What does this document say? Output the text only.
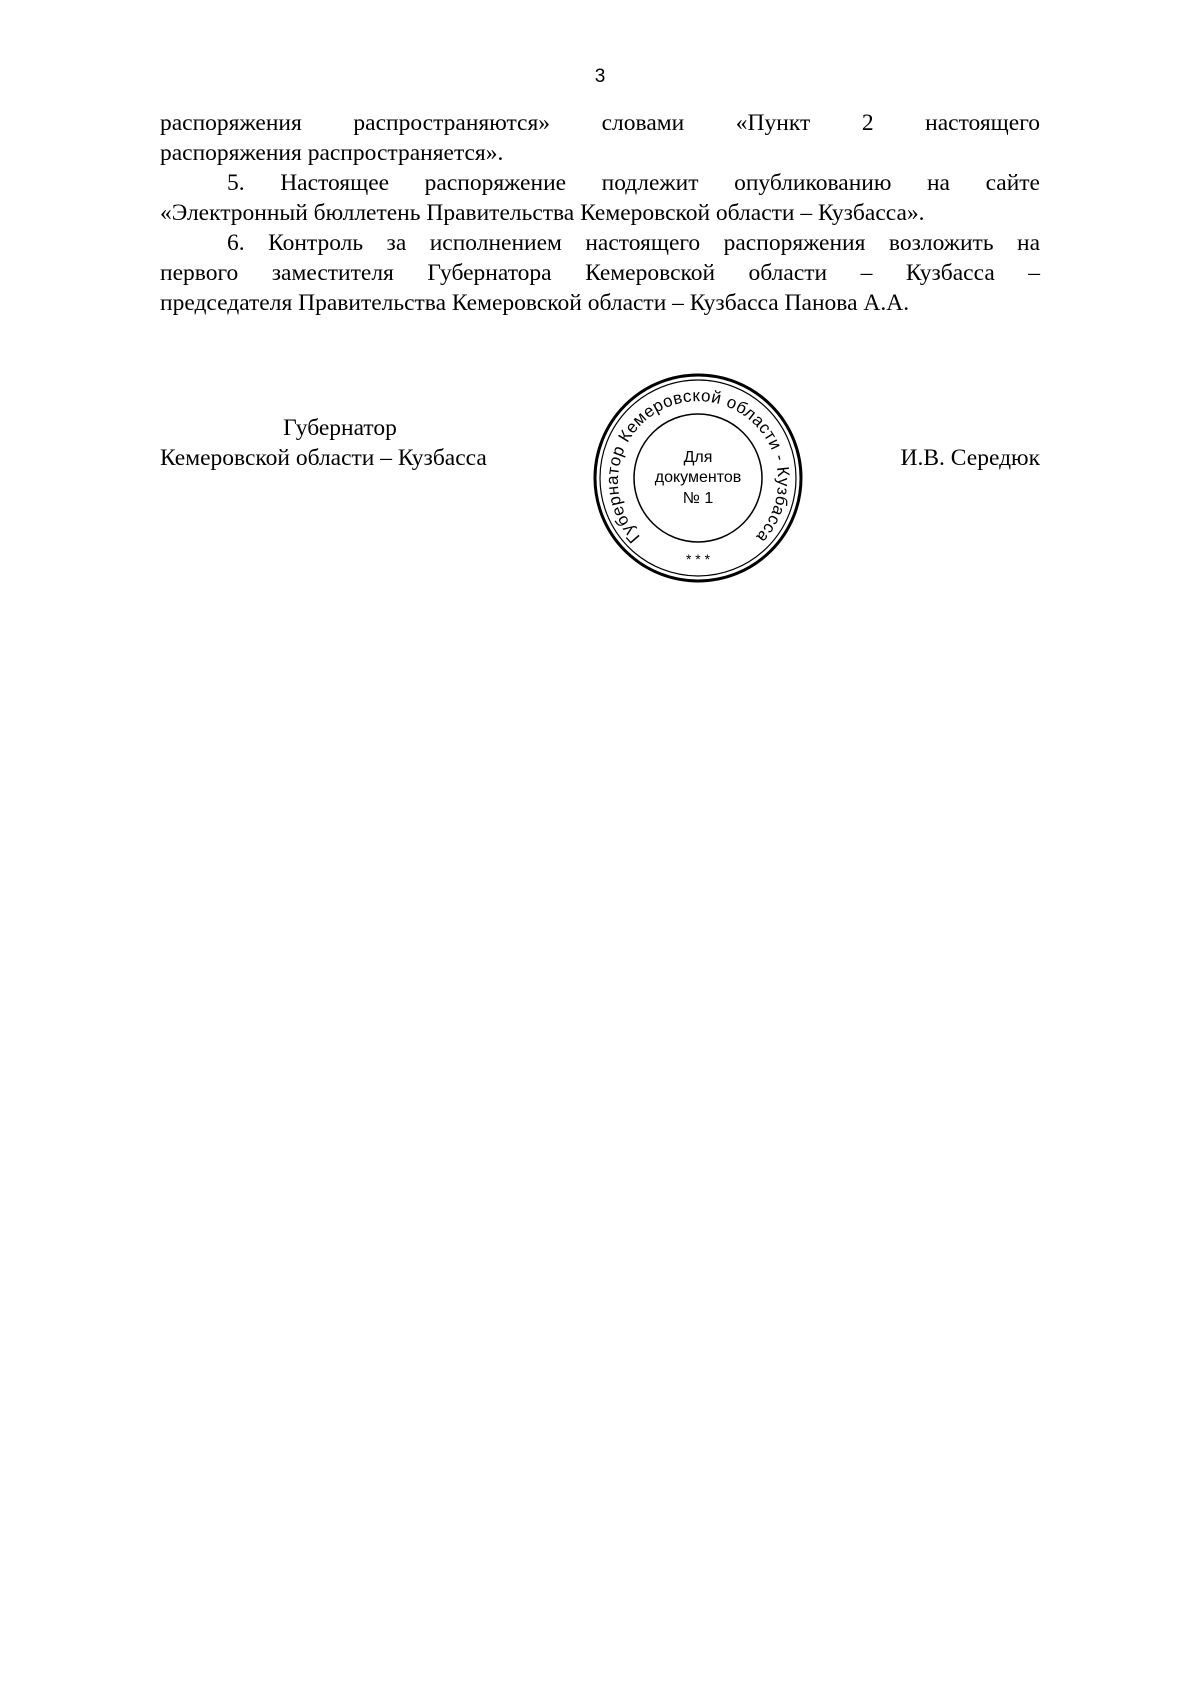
3
распоряжения распространяются» словами «Пункт 2 настоящего
распоряжения распространяется».
5. Настоящее распоряжение подлежит опубликованию на сайте
«Электронный бюллетень Правительства Кемеровской области – Кузбасса».
6. Контроль за исполнением настоящего распоряжения возложить на
первого заместителя Губернатора Кемеровской области – Кузбасса –
председателя Правительства Кемеровской области – Кузбасса Панова А.А.
Губернатор
Кемеровской области – Кузбасса	И.В. Середюк
Губернатор Кемеровской области - Кузбасса
* * *
Для
документов
№ 1
